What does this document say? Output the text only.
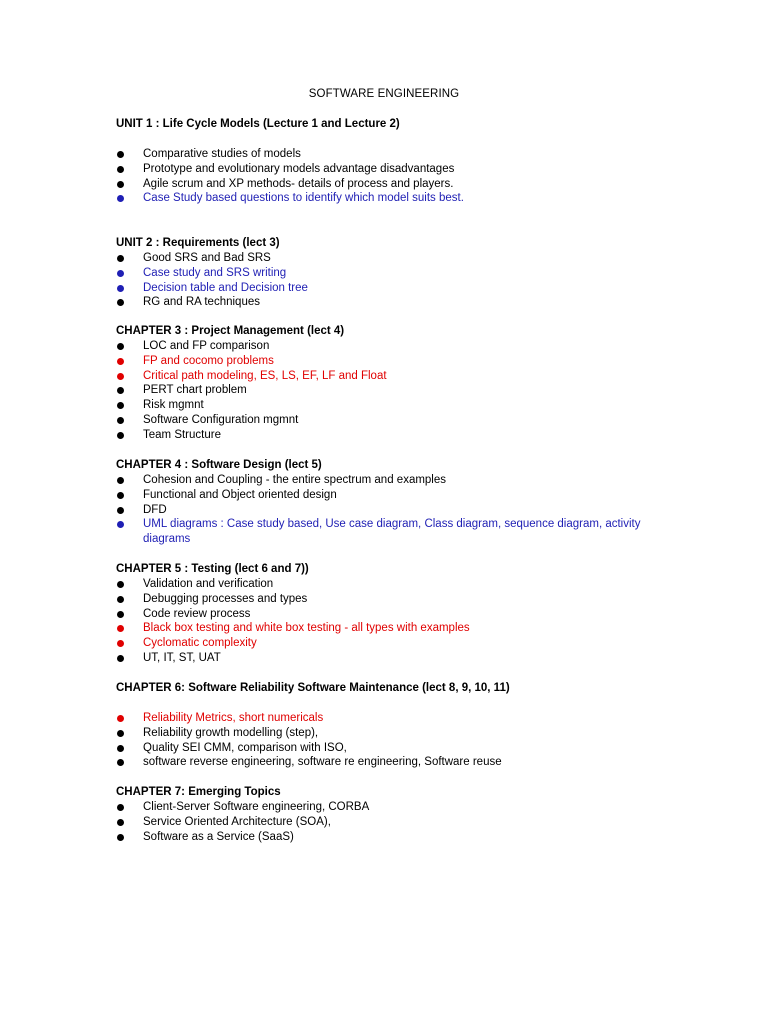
SOFTWARE ENGINEERING
UNIT 1 : Life Cycle Models (Lecture 1 and Lecture 2)
Comparative studies of models
Prototype and evolutionary models advantage disadvantages
Agile scrum and XP methods- details of process and players.
Case Study based questions to identify which model suits best.
UNIT 2 : Requirements (lect 3)
Good SRS and Bad SRS
Case study and SRS writing
Decision table and Decision tree
RG and RA techniques
CHAPTER 3 : Project Management (lect 4)
LOC and FP comparison
FP and cocomo problems
Critical path modeling, ES, LS, EF, LF and Float
PERT chart problem
Risk mgmnt
Software Configuration mgmnt
Team Structure
CHAPTER 4 : Software Design (lect 5)
Cohesion and Coupling - the entire spectrum and examples
Functional and Object oriented design
DFD
UML diagrams : Case study based, Use case diagram, Class diagram, sequence diagram, activity diagrams
CHAPTER 5 : Testing (lect 6 and 7))
Validation and verification
Debugging processes and types
Code review process
Black box testing and white box testing - all types with examples
Cyclomatic complexity
UT, IT, ST, UAT
CHAPTER 6: Software Reliability Software Maintenance (lect 8, 9, 10, 11)
Reliability Metrics, short numericals
Reliability growth modelling (step),
Quality SEI CMM, comparison with ISO,
software reverse engineering, software re engineering, Software reuse
CHAPTER 7: Emerging Topics
Client-Server Software engineering, CORBA
Service Oriented Architecture (SOA),
Software as a Service (SaaS)
